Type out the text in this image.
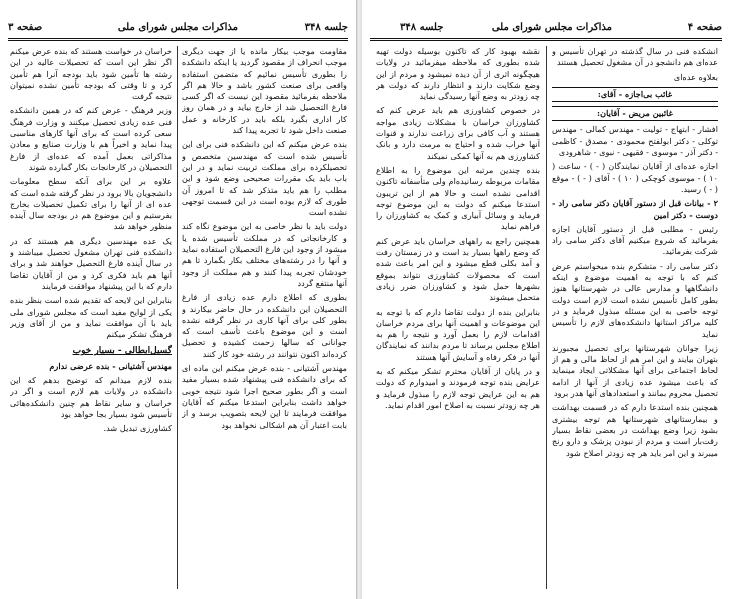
جلسه ۳۴۸
مذاکرات مجلس شورای ملی
صفحه ۳

مقاومت موجب بیکار مانده یا از جهت دیگری موجب انحراف از مقصود گردید یا اینکه دانشکده را بطوری تأسیس نمائیم که متضمن استفاده واقعی برای صنعت کشور باشد و حالا هم اگر ملاحظه بفرمائید مقصود این نیست که اگر کسی فارغ التحصیل شد از خارج بیاید و در همان روز کار اداری بگیرد بلکه باید در کارخانه و عمل صنعت داخل شود تا تجربه پیدا کند

بنده عرض میکنم که این دانشکده فنی برای این تأسیس شده است که مهندسین متخصص و تحصیلکرده برای مملکت تربیت نماید و در این باب باید یک مقررات صحیحی وضع شود و این مطلب را هم باید متذکر شد که تا امروز آن طوری که لازم بوده است در این قسمت توجهی نشده است

دولت باید با نظر خاصی به این موضوع نگاه کند و کارخانجاتی که در مملکت تأسیس شده یا میشود از وجود این فارغ التحصیلان استفاده نماید و آنها را در رشته‌های مختلف بکار بگمارد تا هم خودشان تجربه پیدا کنند و هم مملکت از وجود آنها منتفع گردد

بطوری که اطلاع دارم عده زیادی از فارغ التحصیلان این دانشکده در حال حاضر بیکارند و بطور کلی برای آنها کاری در نظر گرفته نشده است و این موضوع باعث تأسف است که جوانانی که سالها زحمت کشیده و تحصیل کرده‌اند اکنون نتوانند در رشته خود کار کنند

مهندس آشتیانی - بنده عرض میکنم این ماده ای که برای دانشکده فنی پیشنهاد شده بسیار مفید است و اگر بطور صحیح اجرا شود نتیجه خوبی خواهد داشت بنابراین استدعا میکنم که آقایان موافقت فرمایند تا این لایحه بتصویب برسد و از بابت اعتبار آن هم اشکالی نخواهد بود

خراسان در خواست هستند که بنده عرض میکنم اگر نظر این است که تحصیلات عالیه در این رشته ها تأمین شود باید بودجه آنرا هم تأمین کرد و تا وقتی که بودجه تأمین نشده نمیتوان نتیجه گرفت

وزیر فرهنگ - عرض کنم که در همین دانشکده فنی عده زیادی تحصیل میکنند و وزارت فرهنگ سعی کرده است که برای آنها کارهای مناسبی پیدا نماید و اخیراً هم با وزارت صنایع و معادن مذاکراتی بعمل آمده که عده‌ای از فارغ التحصیلان در کارخانجات بکار گمارده شوند

علاوه بر این برای آنکه سطح معلومات دانشجویان بالا برود در نظر گرفته شده است که عده ای از آنها را برای تکمیل تحصیلات بخارج بفرستیم و این موضوع هم در بودجه سال آینده منظور خواهد شد

یک عده مهندسین دیگری هم هستند که در دانشکده فنی تهران مشغول تحصیل میباشند و در سال آینده فارغ التحصیل خواهند شد و برای آنها هم باید فکری کرد و من از آقایان تقاضا دارم که با این پیشنهاد موافقت فرمایند

بنابراین این لایحه که تقدیم شده است بنظر بنده یکی از لوایح مفید است که مجلس شورای ملی باید با آن موافقت نماید و من از آقای وزیر فرهنگ تشکر میکنم

گسیل‌ابطالی - بسیار خوب

مهندس آشتیانی - بنده عرضی ندارم

بنده لازم میدانم که توضیح بدهم که این دانشکده در ولایات هم لازم است و اگر در خراسان و سایر نقاط هم چنین دانشکده‌هائی تأسیس شود بسیار بجا خواهد بود

کشاورزی تبدیل شد.

صفحه ۴
مذاکرات مجلس شورای ملی
جلسه ۳۴۸

انشکده فنی در سال گذشته در تهران تأسیس و عده‌ای هم دانشجو در آن مشغول تحصیل هستند

بعلاوه عده‌ای

غائب بی‌اجازه - آقای:
غائبین مریض - آقایان:

افشار - ابتهاج - تولیت - مهندس کمالی - مهندس توکلی - دکتر ابولفتح محمودی - مصدق - کاظمی - دکتر آذر - موسوی - فقیهی - نبوی - شاهرودی

اجازه عده‌ای از آقایان نمایندگان ( - ) - ساعت ( ۱۰ ) - موسوی کوچکی ( ۱۰ ) - آقای ( - ) - موقع ( - ) رسید.

۲ - بیانات قبل از دستور آقایان دکتر سامی راد - دوست - دکتر امین

رئیس - مطلبی قبل از دستور آقایان اجازه بفرمائید که شروع میکنیم آقای دکتر سامی راد شرکت بفرمائید.

دکتر سامی راد - متشکرم بنده میخواستم عرض کنم که با توجه به اهمیت موضوع و اینکه دانشگاهها و مدارس عالی در شهرستانها هنوز بطور کامل تأسیس نشده است لازم است دولت توجه خاصی به این مسئله مبذول فرماید و در کلیه مراکز استانها دانشکده‌های لازم را تأسیس نماید

زیرا جوانان شهرستانها برای تحصیل مجبورند بتهران بیایند و این امر هم از لحاظ مالی و هم از لحاظ اجتماعی برای آنها مشکلاتی ایجاد مینماید که باعث میشود عده زیادی از آنها از ادامه تحصیل محروم بمانند و استعدادهای آنها هدر برود

همچنین بنده استدعا دارم که در قسمت بهداشت و بیمارستانهای شهرستانها هم توجه بیشتری بشود زیرا وضع بهداشت در بعضی نقاط بسیار رقت‌بار است و مردم از نبودن پزشک و دارو رنج میبرند و این امر باید هر چه زودتر اصلاح شود

نقشه بهبود کار که تاکنون بوسیله دولت تهیه شده بطوری که ملاحظه میفرمائید در ولایات هیچگونه اثری از آن دیده نمیشود و مردم از این وضع شکایت دارند و انتظار دارند که دولت هر چه زودتر به وضع آنها رسیدگی نماید

در خصوص کشاورزی هم باید عرض کنم که کشاورزان خراسان با مشکلات زیادی مواجه هستند و آب کافی برای زراعت ندارند و قنوات آنها خراب شده و احتیاج به مرمت دارد و بانک کشاورزی هم به آنها کمکی نمیکند

بنده چندین مرتبه این موضوع را به اطلاع مقامات مربوطه رسانیده‌ام ولی متأسفانه تاکنون اقدامی نشده است و حالا هم از این تریبون استدعا میکنم که دولت به این موضوع توجه فرماید و وسائل آبیاری و کمک به کشاورزان را فراهم نماید

همچنین راجع به راههای خراسان باید عرض کنم که وضع راهها بسیار بد است و در زمستان رفت و آمد بکلی قطع میشود و این امر باعث شده است که محصولات کشاورزی نتواند بموقع بشهرها حمل شود و کشاورزان ضرر زیادی متحمل میشوند

بنابراین بنده از دولت تقاضا دارم که با توجه به این موضوعات و اهمیت آنها برای مردم خراسان اقدامات لازم را بعمل آورد و نتیجه را هم به اطلاع مجلس برساند تا مردم بدانند که نمایندگان آنها در فکر رفاه و آسایش آنها هستند

و در پایان از آقایان محترم تشکر میکنم که به عرایض بنده توجه فرمودند و امیدوارم که دولت هم به این عرایض توجه لازم را مبذول فرماید و هر چه زودتر نسبت به اصلاح امور اقدام نماید.
